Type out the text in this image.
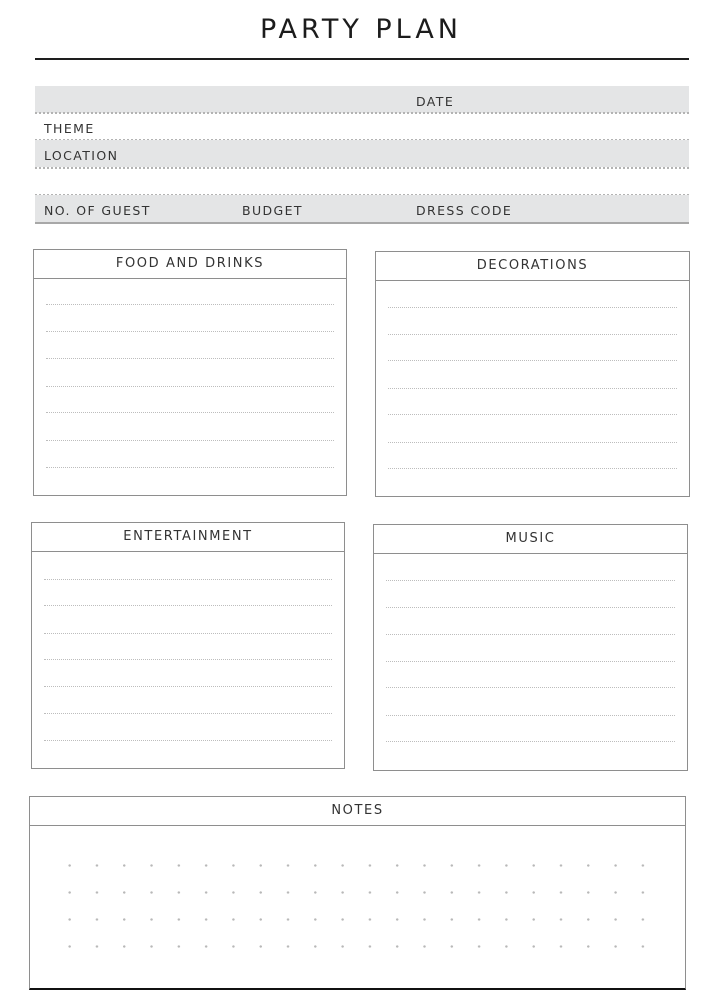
PARTY PLAN
DATE
THEME
LOCATION
NO. OF GUEST	BUDGET	DRESS CODE
FOOD AND DRINKS	DECORATIONS
ENTERTAINMENT	MUSIC
NOTES
